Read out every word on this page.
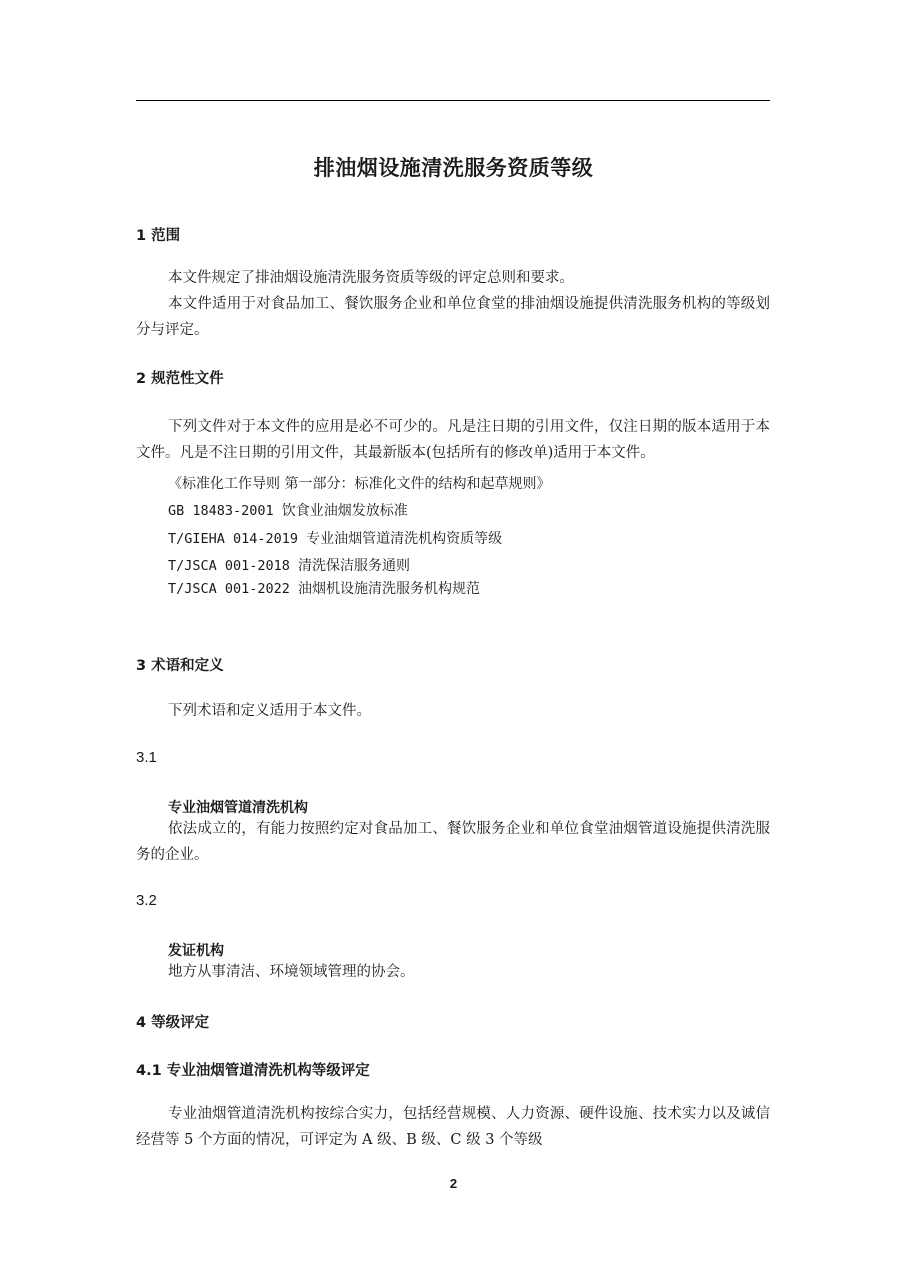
排油烟设施清洗服务资质等级
1 范围
本文件规定了排油烟设施清洗服务资质等级的评定总则和要求。
本文件适用于对食品加工、餐饮服务企业和单位食堂的排油烟设施提供清洗服务机构的等级划分与评定。
2 规范性文件
下列文件对于本文件的应用是必不可少的。凡是注日期的引用文件，仅注日期的版本适用于本文件。凡是不注日期的引用文件，其最新版本(包括所有的修改单)适用于本文件。
《标准化工作导则 第一部分：标准化文件的结构和起草规则》
GB 18483-2001 饮食业油烟发放标准
T/GIEHA 014-2019 专业油烟管道清洗机构资质等级
T/JSCA 001-2018 清洗保洁服务通则
T/JSCA 001-2022 油烟机设施清洗服务机构规范
3 术语和定义
下列术语和定义适用于本文件。
3.1
专业油烟管道清洗机构
依法成立的，有能力按照约定对食品加工、餐饮服务企业和单位食堂油烟管道设施提供清洗服务的企业。
3.2
发证机构
地方从事清洁、环境领域管理的协会。
4 等级评定
4.1 专业油烟管道清洗机构等级评定
专业油烟管道清洗机构按综合实力，包括经营规模、人力资源、硬件设施、技术实力以及诚信经营等 5 个方面的情况，可评定为 A 级、B 级、C 级 3 个等级
2
